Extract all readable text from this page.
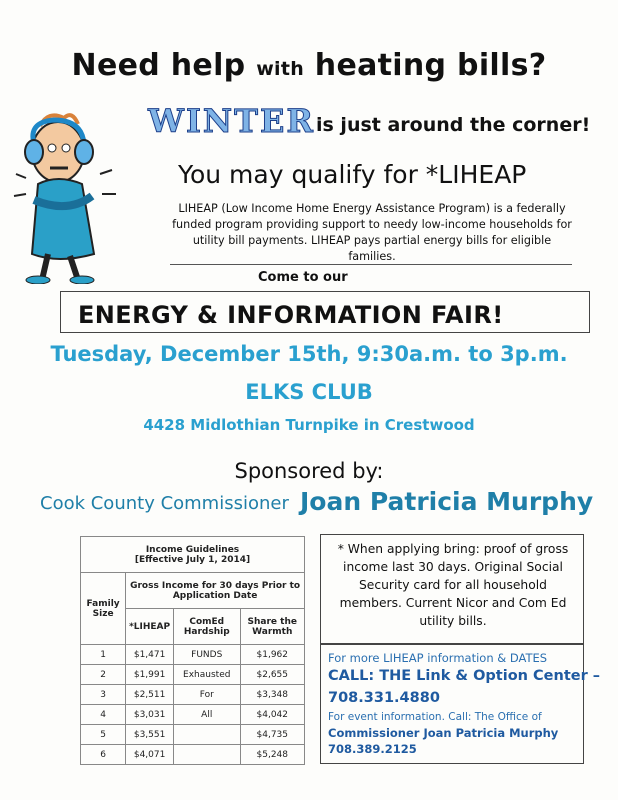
Need help with heating bills?
WINTER is just around the corner!
You may qualify for *LIHEAP
LIHEAP (Low Income Home Energy Assistance Program) is a federally funded program providing support to needy low-income households for utility bill payments. LIHEAP pays partial energy bills for eligible families.
Come to our
ENERGY & INFORMATION FAIR!
Tuesday, December 15th, 9:30a.m. to 3p.m.
ELKS CLUB
4428 Midlothian Turnpike in Crestwood
Sponsored by:
Cook County Commissioner Joan Patricia Murphy
Income Guidelines
[Effective July 1, 2014]			

Family Size	Gross Income for 30 days Prior to Application Date		
	*LIHEAP	ComEd Hardship	Share the Warmth
1	$1,471	FUNDS	$1,962
2	$1,991	Exhausted	$2,655
3	$2,511	For	$3,348
4	$3,031	All	$4,042
5	$3,551		$4,735
6	$4,071		$5,248
* When applying bring: proof of gross income last 30 days. Original Social Security card for all household members. Current Nicor and Com Ed utility bills.
For more LIHEAP information & DATES
CALL: THE Link & Option Center –
708.331.4880
For event information. Call: The Office of
Commissioner Joan Patricia Murphy
708.389.2125
